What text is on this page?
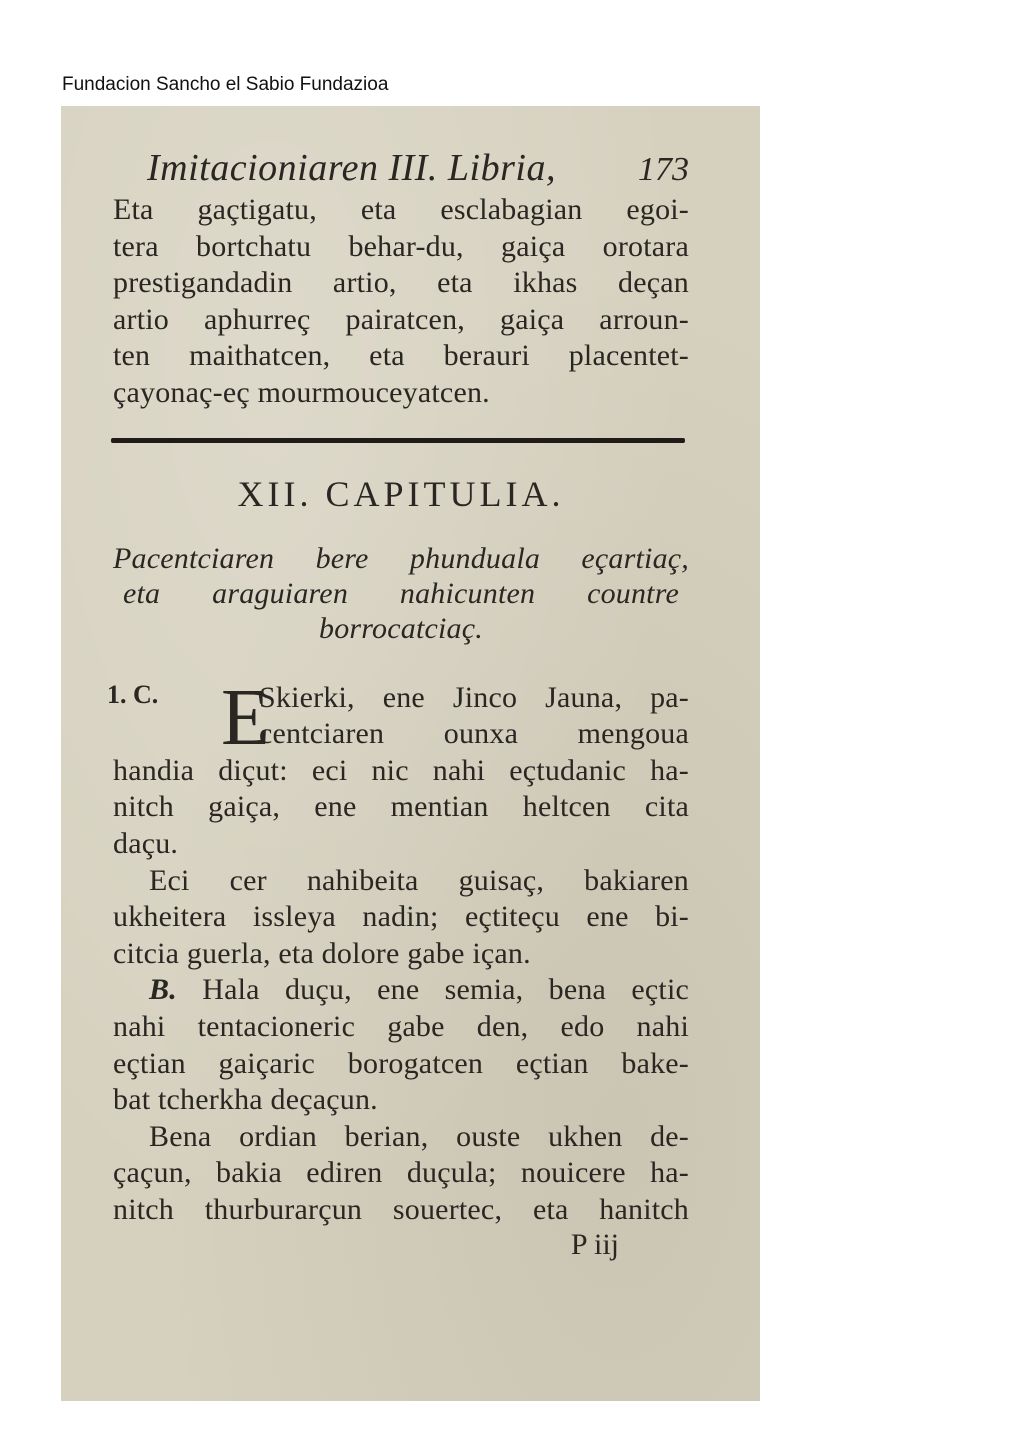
Fundacion Sancho el Sabio Fundazioa
Imitacioniaren III. Libria, 173
Eta gaçtigatu, eta esclabagian egoi-
tera bortchatu behar-du, gaiça orotara
prestigandadin artio, eta ikhas deçan
artio aphurreç pairatcen, gaiça arroun-
ten maithatcen, eta berauri placentet-
çayonaç-eç mourmouceyatcen.
XII. CAPITULIA.
Pacentciaren bere phunduala eçartiaç,
eta araguiaren nahicunten countre
borrocatciaç.
1. C. E
Skierki, ene Jinco Jauna, pa-
centciaren ounxa mengoua
handia diçut: eci nic nahi eçtudanic ha-
nitch gaiça, ene mentian heltcen cita
daçu.
Eci cer nahibeita guisaç, bakiaren
ukheitera issleya nadin; eçtiteçu ene bi-
citcia guerla, eta dolore gabe içan.
B. Hala duçu, ene semia, bena eçtic
nahi tentacioneric gabe den, edo nahi
eçtian gaiçaric borogatcen eçtian bake-
bat tcherkha deçaçun.
Bena ordian berian, ouste ukhen de-
çaçun, bakia ediren duçula; nouicere ha-
nitch thurburarçun souertec, eta hanitch
P iij
